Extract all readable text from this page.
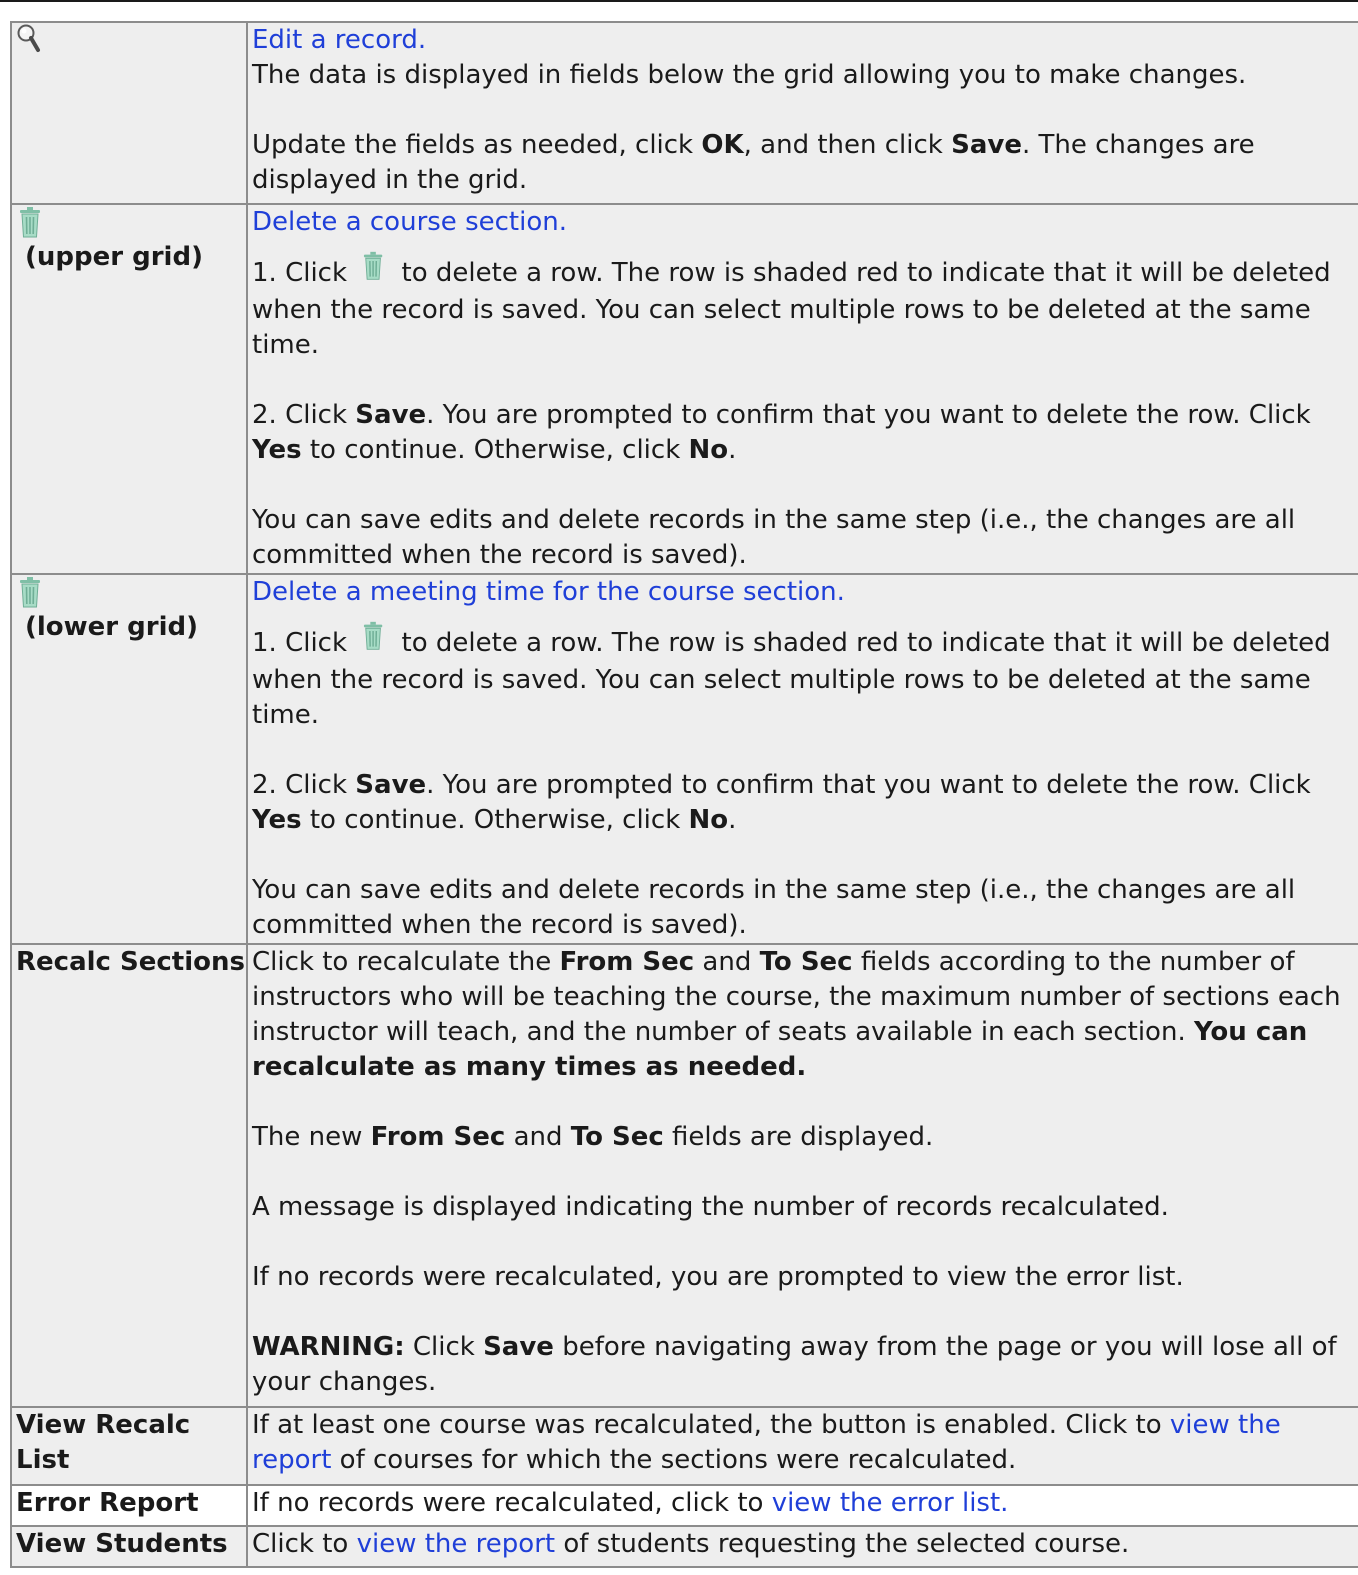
Edit a record.

The data is displayed in fields below the grid allowing you to make changes.

Update the fields as needed, click OK, and then click Save. The changes are displayed in the grid.

(upper grid)	Delete a course section.

1. Click  to delete a row. The row is shaded red to indicate that it will be deleted when the record is saved. You can select multiple rows to be deleted at the same time.

2. Click Save. You are prompted to confirm that you want to delete the row. Click Yes to continue. Otherwise, click No.

You can save edits and delete records in the same step (i.e., the changes are all committed when the record is saved).

(lower grid)	Delete a meeting time for the course section.

1. Click  to delete a row. The row is shaded red to indicate that it will be deleted when the record is saved. You can select multiple rows to be deleted at the same time.

2. Click Save. You are prompted to confirm that you want to delete the row. Click Yes to continue. Otherwise, click No.

You can save edits and delete records in the same step (i.e., the changes are all committed when the record is saved).

Recalc Sections	Click to recalculate the From Sec and To Sec fields according to the number of instructors who will be teaching the course, the maximum number of sections each instructor will teach, and the number of seats available in each section. You can recalculate as many times as needed.

The new From Sec and To Sec fields are displayed.

A message is displayed indicating the number of records recalculated.

If no records were recalculated, you are prompted to view the error list.

WARNING: Click Save before navigating away from the page or you will lose all of your changes.

View Recalc List	If at least one course was recalculated, the button is enabled. Click to view the report of courses for which the sections were recalculated.

Error Report	If no records were recalculated, click to view the error list.

View Students	Click to view the report of students requesting the selected course.
